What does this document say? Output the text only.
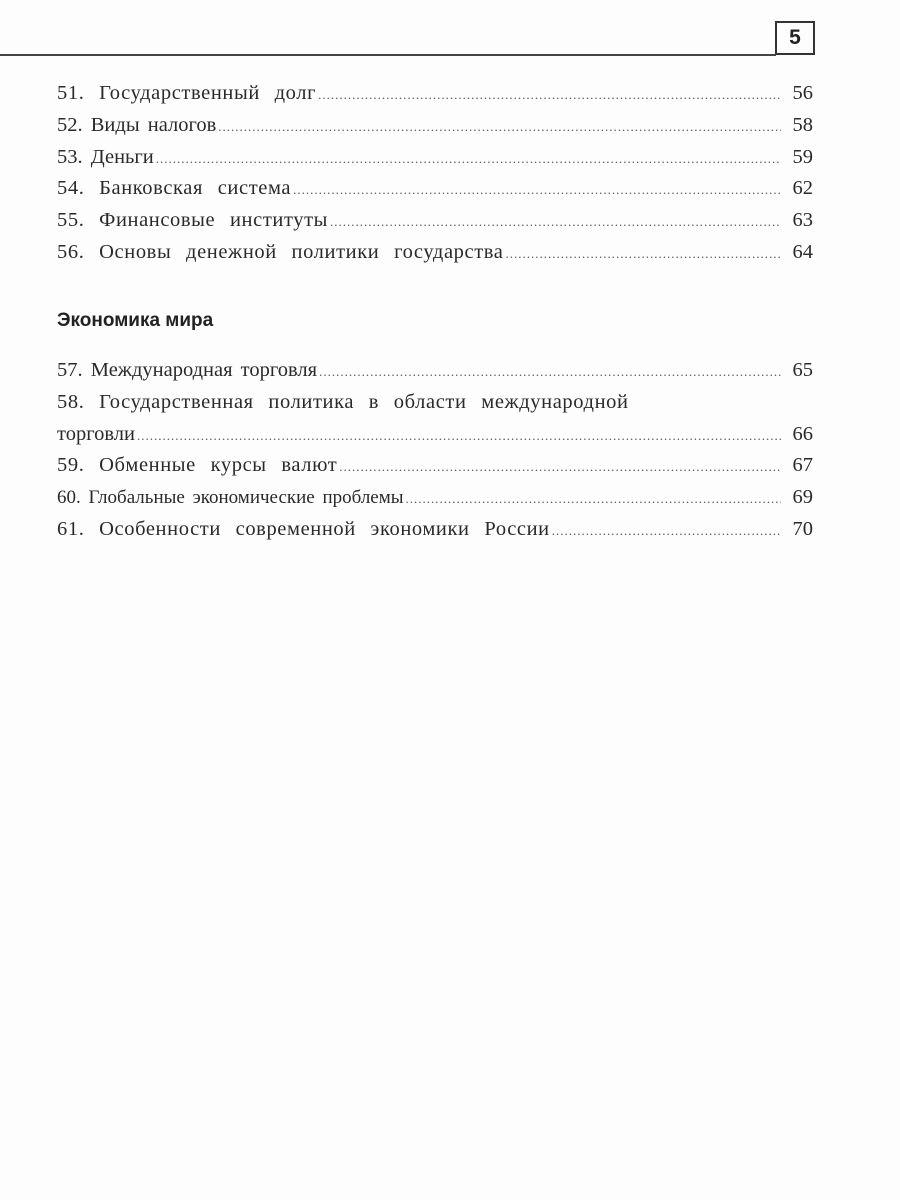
5
51. Государственный долг .....	56
52. Виды налогов .....	58
53. Деньги .....	59
54. Банковская система .....	62
55. Финансовые институты .....	63
56. Основы денежной политики государства .....	64
Экономика мира
57. Международная торговля .....	65
58. Государственная политика в области международной
торговли .....	66
59. Обменные курсы валют .....	67
60. Глобальные экономические проблемы .....	69
61. Особенности современной экономики России .....	70
